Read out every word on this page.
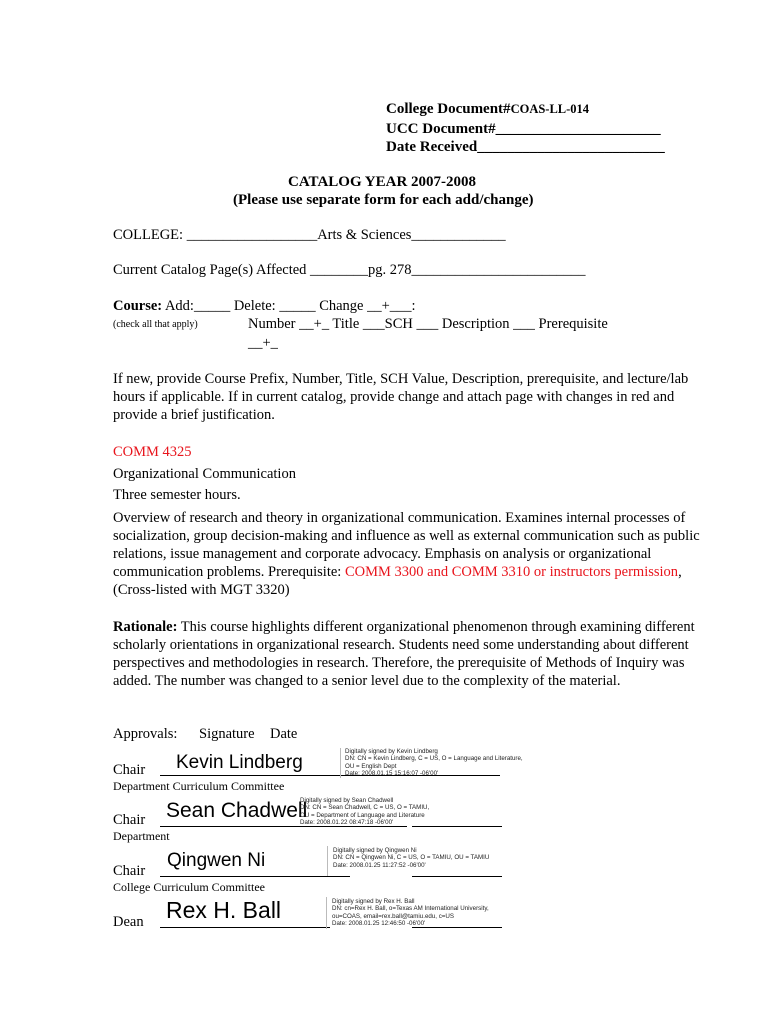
College Document#COAS-LL-014
UCC Document#______________________
Date Received_________________________
CATALOG YEAR 2007-2008
(Please use separate form for each add/change)
COLLEGE: __________________Arts & Sciences_____________
Current Catalog Page(s) Affected ________pg. 278________________________
Course: Add:_____ Delete: _____ Change __+___:
(check all that apply)	Number __+_ Title ___SCH ___ Description ___ Prerequisite
__+_
If new, provide Course Prefix, Number, Title, SCH Value, Description, prerequisite, and lecture/lab hours if applicable. If in current catalog, provide change and attach page with changes in red and provide a brief justification.
COMM 4325
Organizational Communication
Three semester hours.
Overview of research and theory in organizational communication. Examines internal processes of socialization, group decision-making and influence as well as external communication such as public relations, issue management and corporate advocacy. Emphasis on analysis or organizational communication problems. Prerequisite: COMM 3300 and COMM 3310 or instructors permission, (Cross-listed with MGT 3320)
Rationale: This course highlights different organizational phenomenon through examining different scholarly orientations in organizational research. Students need some understanding about different perspectives and methodologies in research. Therefore, the prerequisite of Methods of Inquiry was added. The number was changed to a senior level due to the complexity of the material.
Approvals: Signature Date
Chair Kevin Lindberg
Digitally signed by Kevin Lindberg
DN: CN = Kevin Lindberg, C = US, O = Language and Literature,
OU = English Dept
Date: 2008.01.15 15:16:07 -06'00'
Department Curriculum Committee
Chair Sean Chadwell
Digitally signed by Sean Chadwell
DN: CN = Sean Chadwell, C = US, O = TAMIU,
OU = Department of Language and Literature
Date: 2008.01.22 08:47:18 -06'00'
Department
Chair Qingwen Ni	Digitally signed by Qingwen Ni
DN: CN = Qingwen Ni, C = US, O = TAMIU, OU = TAMIU
Date: 2008.01.25 11:27:52 -06'00'
College Curriculum Committee
Dean Rex H. Ball	Digitally signed by Rex H. Ball
DN: cn=Rex H. Ball, o=Texas AM International University,
ou=COAS, email=rex.ball@tamiu.edu, c=US
Date: 2008.01.25 12:46:50 -06'00'
